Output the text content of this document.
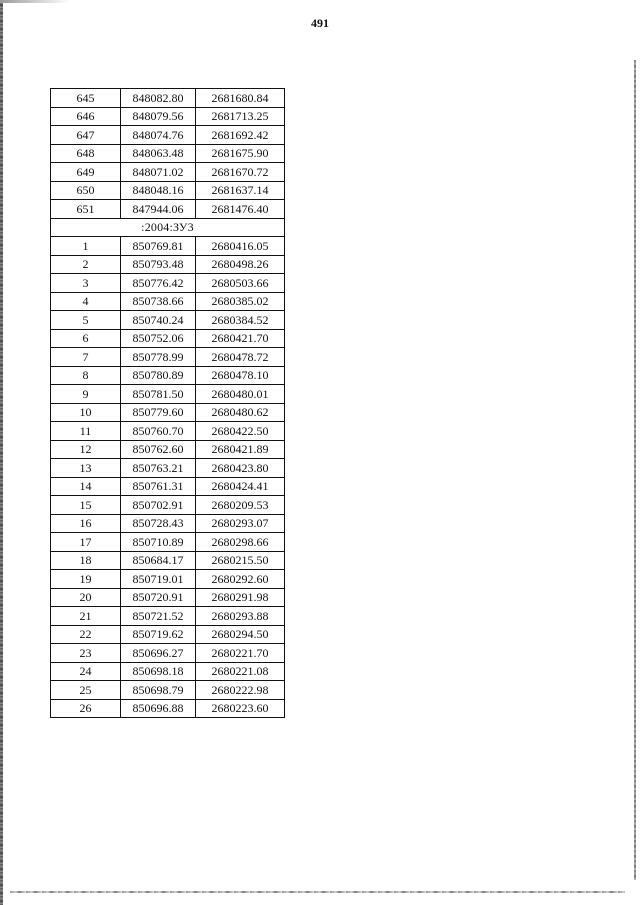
491
645	848082.80	2681680.84
646	848079.56	2681713.25
647	848074.76	2681692.42
648	848063.48	2681675.90
649	848071.02	2681670.72
650	848048.16	2681637.14
651	847944.06	2681476.40
:2004:ЗУ3		
1	850769.81	2680416.05
2	850793.48	2680498.26
3	850776.42	2680503.66
4	850738.66	2680385.02
5	850740.24	2680384.52
6	850752.06	2680421.70
7	850778.99	2680478.72
8	850780.89	2680478.10
9	850781.50	2680480.01
10	850779.60	2680480.62
11	850760.70	2680422.50
12	850762.60	2680421.89
13	850763.21	2680423.80
14	850761.31	2680424.41
15	850702.91	2680209.53
16	850728.43	2680293.07
17	850710.89	2680298.66
18	850684.17	2680215.50
19	850719.01	2680292.60
20	850720.91	2680291.98
21	850721.52	2680293.88
22	850719.62	2680294.50
23	850696.27	2680221.70
24	850698.18	2680221.08
25	850698.79	2680222.98
26	850696.88	2680223.60
